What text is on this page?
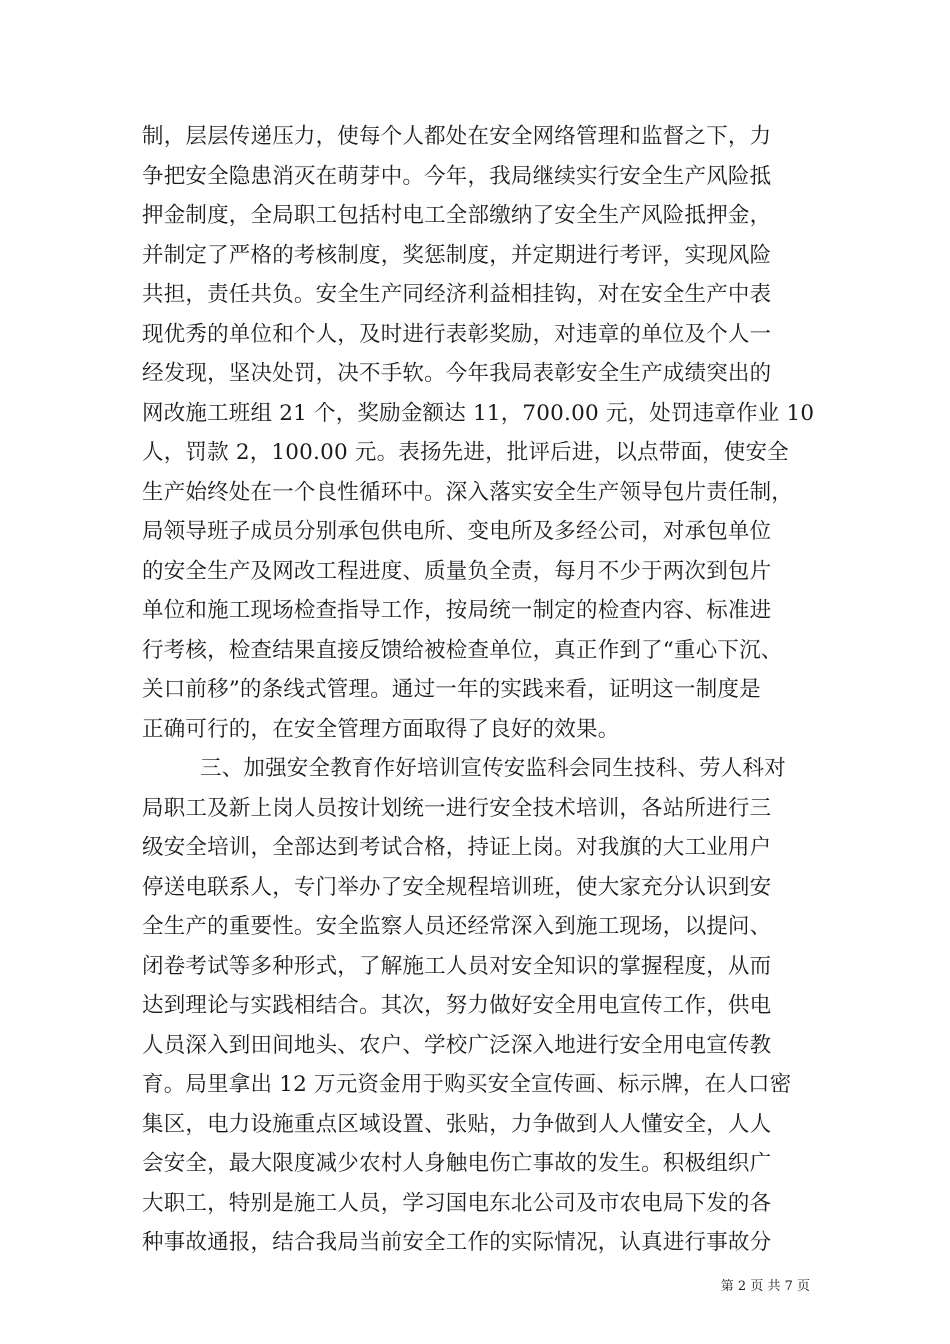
制，层层传递压力，使每个人都处在安全网络管理和监督之下，力
争把安全隐患消灭在萌芽中。今年，我局继续实行安全生产风险抵
押金制度，全局职工包括村电工全部缴纳了安全生产风险抵押金，
并制定了严格的考核制度，奖惩制度，并定期进行考评，实现风险
共担，责任共负。安全生产同经济利益相挂钩，对在安全生产中表
现优秀的单位和个人，及时进行表彰奖励，对违章的单位及个人一
经发现，坚决处罚，决不手软。今年我局表彰安全生产成绩突出的
网改施工班组 21 个，奖励金额达 11，700.00 元，处罚违章作业 10
人，罚款 2，100.00 元。表扬先进，批评后进，以点带面，使安全
生产始终处在一个良性循环中。深入落实安全生产领导包片责任制，
局领导班子成员分别承包供电所、变电所及多经公司，对承包单位
的安全生产及网改工程进度、质量负全责，每月不少于两次到包片
单位和施工现场检查指导工作，按局统一制定的检查内容、标准进
行考核，检查结果直接反馈给被检查单位，真正作到了“重心下沉、
关口前移”的条线式管理。通过一年的实践来看，证明这一制度是
正确可行的，在安全管理方面取得了良好的效果。
三、加强安全教育作好培训宣传安监科会同生技科、劳人科对
局职工及新上岗人员按计划统一进行安全技术培训，各站所进行三
级安全培训，全部达到考试合格，持证上岗。对我旗的大工业用户
停送电联系人，专门举办了安全规程培训班，使大家充分认识到安
全生产的重要性。安全监察人员还经常深入到施工现场，以提问、
闭卷考试等多种形式，了解施工人员对安全知识的掌握程度，从而
达到理论与实践相结合。其次，努力做好安全用电宣传工作，供电
人员深入到田间地头、农户、学校广泛深入地进行安全用电宣传教
育。局里拿出 12 万元资金用于购买安全宣传画、标示牌，在人口密
集区，电力设施重点区域设置、张贴，力争做到人人懂安全，人人
会安全，最大限度减少农村人身触电伤亡事故的发生。积极组织广
大职工，特别是施工人员，学习国电东北公司及市农电局下发的各
种事故通报，结合我局当前安全工作的实际情况，认真进行事故分
第 2 页 共 7 页
